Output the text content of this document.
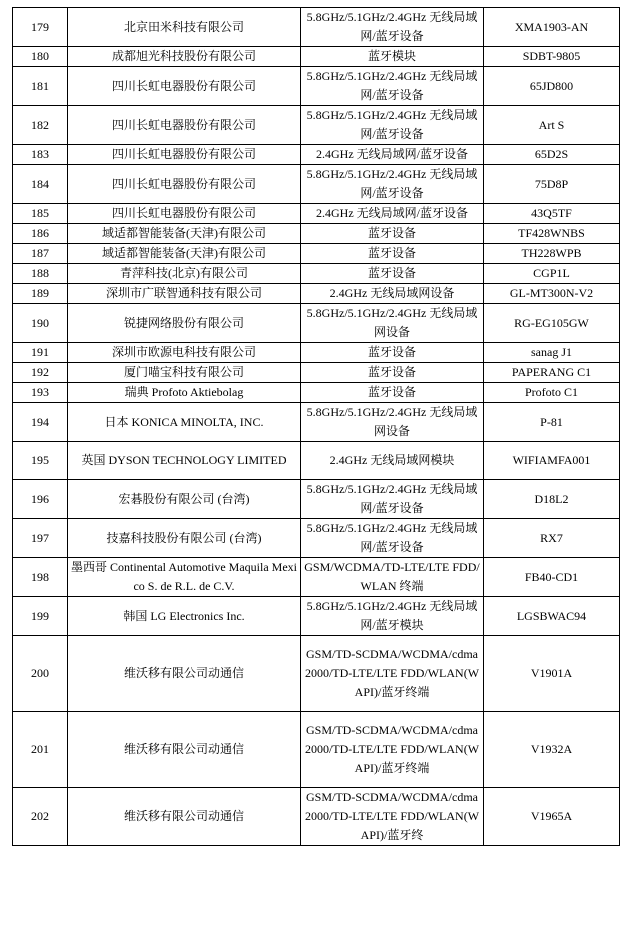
179	北京田米科技有限公司	5.8GHz/5.1GHz/2.4GHz 无线局域网/蓝牙设备	XMA1903-AN
180	成都旭光科技股份有限公司	蓝牙模块	SDBT-9805
181	四川长虹电器股份有限公司	5.8GHz/5.1GHz/2.4GHz 无线局域网/蓝牙设备	65JD800
182	四川长虹电器股份有限公司	5.8GHz/5.1GHz/2.4GHz 无线局域网/蓝牙设备	Art S
183	四川长虹电器股份有限公司	2.4GHz 无线局域网/蓝牙设备	65D2S
184	四川长虹电器股份有限公司	5.8GHz/5.1GHz/2.4GHz 无线局域网/蓝牙设备	75D8P
185	四川长虹电器股份有限公司	2.4GHz 无线局域网/蓝牙设备	43Q5TF
186	域适都智能装备(天津)有限公司	蓝牙设备	TF428WNBS
187	域适都智能装备(天津)有限公司	蓝牙设备	TH228WPB
188	青萍科技(北京)有限公司	蓝牙设备	CGP1L
189	深圳市广联智通科技有限公司	2.4GHz 无线局域网设备	GL-MT300N-V2
190	锐捷网络股份有限公司	5.8GHz/5.1GHz/2.4GHz 无线局域网设备	RG-EG105GW
191	深圳市欧源电科技有限公司	蓝牙设备	sanag J1
192	厦门喵宝科技有限公司	蓝牙设备	PAPERANG C1
193	瑞典 Profoto Aktiebolag	蓝牙设备	Profoto C1
194	日本 KONICA MINOLTA, INC.	5.8GHz/5.1GHz/2.4GHz 无线局域网设备	P-81
195	英国 DYSON TECHNOLOGY LIMITED	2.4GHz 无线局域网模块	WIFIAMFA001
196	宏碁股份有限公司 (台湾)	5.8GHz/5.1GHz/2.4GHz 无线局域网/蓝牙设备	D18L2
197	技嘉科技股份有限公司 (台湾)	5.8GHz/5.1GHz/2.4GHz 无线局域网/蓝牙设备	RX7
198	墨西哥 Continental Automotive Maquila Mexico S. de R.L. de C.V.	GSM/WCDMA/TD-LTE/LTE FDD/WLAN 终端	FB40-CD1
199	韩国 LG Electronics Inc.	5.8GHz/5.1GHz/2.4GHz 无线局域网/蓝牙模块	LGSBWAC94
200	维沃移有限公司动通信	GSM/TD-SCDMA/WCDMA/cdma2000/TD-LTE/LTE FDD/WLAN(WAPI)/蓝牙终端	V1901A
201	维沃移有限公司动通信	GSM/TD-SCDMA/WCDMA/cdma2000/TD-LTE/LTE FDD/WLAN(WAPI)/蓝牙终端	V1932A
202	维沃移有限公司动通信	GSM/TD-SCDMA/WCDMA/cdma2000/TD-LTE/LTE FDD/WLAN(WAPI)/蓝牙终	V1965A
